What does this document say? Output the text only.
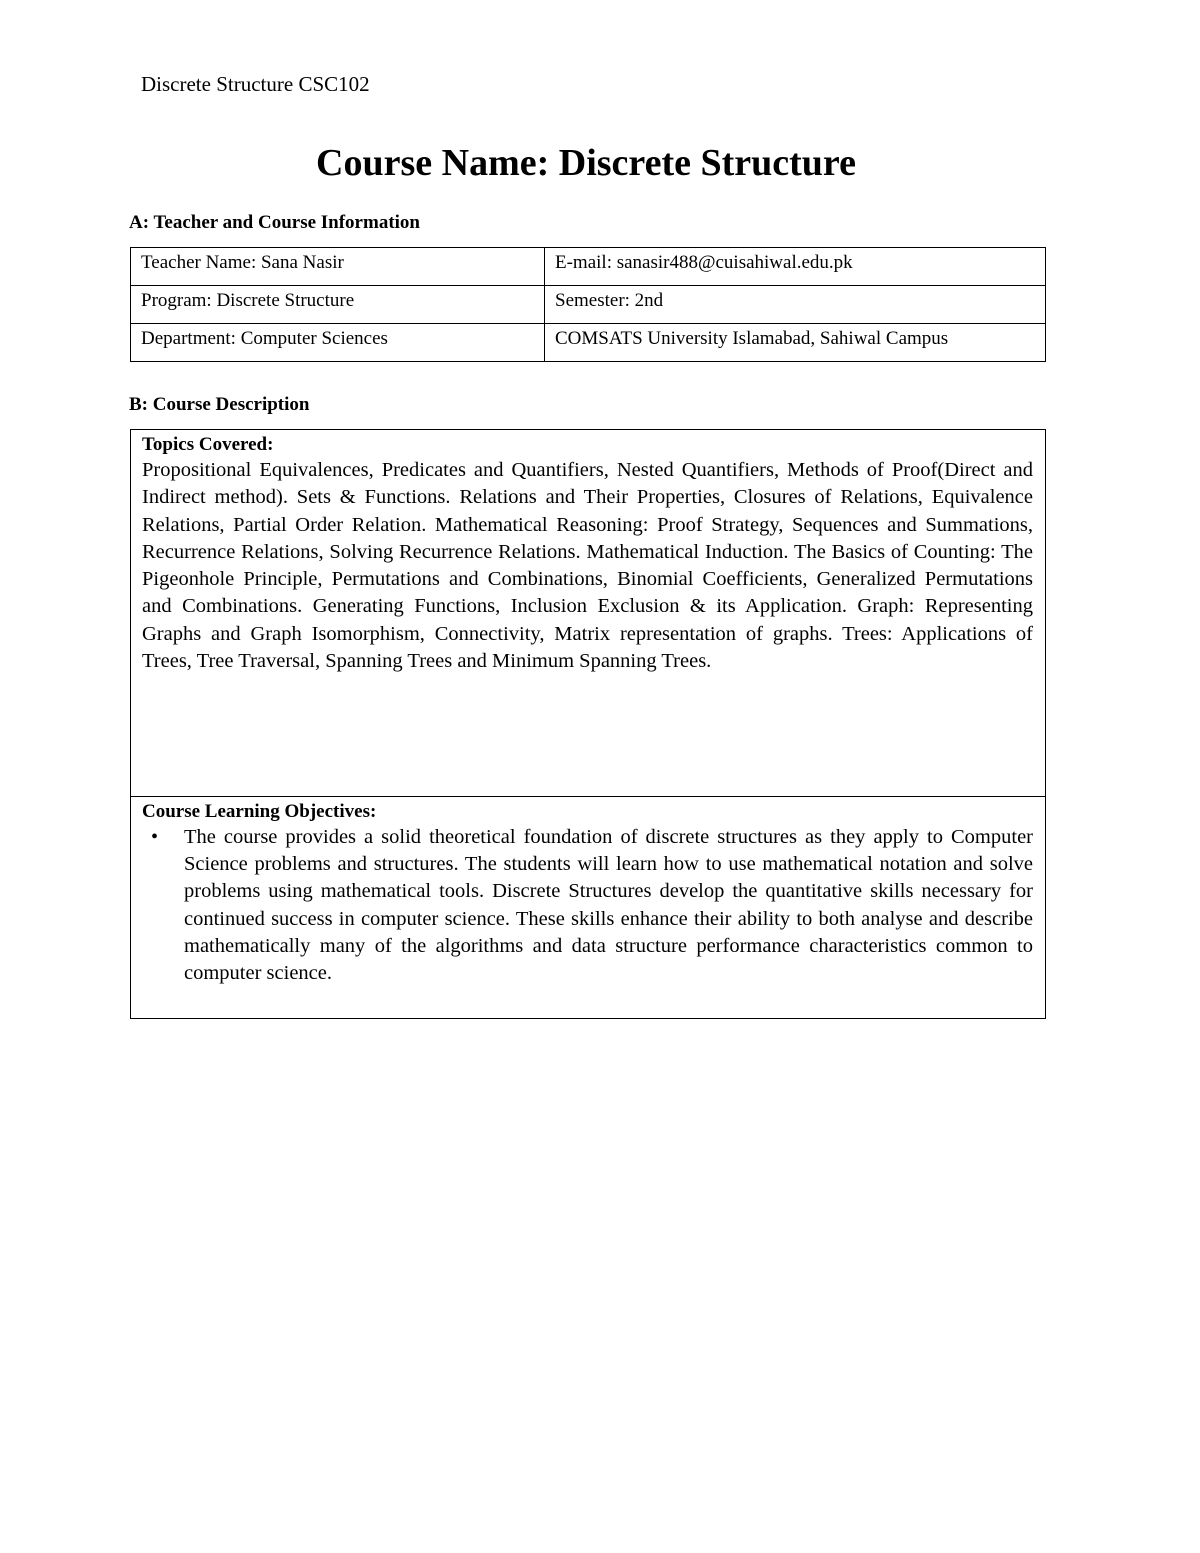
Discrete Structure CSC102
Course Name: Discrete Structure
A: Teacher and Course Information
Teacher Name: Sana Nasir	E-mail: sanasir488@cuisahiwal.edu.pk
Program: Discrete Structure	Semester: 2nd
Department: Computer Sciences	COMSATS University Islamabad, Sahiwal Campus
B: Course Description
Topics Covered:

Propositional Equivalences, Predicates and Quantifiers, Nested Quantifiers, Methods of Proof(Direct and Indirect method). Sets & Functions. Relations and Their Properties, Closures of Relations, Equivalence Relations, Partial Order Relation. Mathematical Reasoning: Proof Strategy, Sequences and Summations, Recurrence Relations, Solving Recurrence Relations. Mathematical Induction. The Basics of Counting: The Pigeonhole Principle, Permutations and Combinations, Binomial Coefficients, Generalized Permutations and Combinations. Generating Functions, Inclusion Exclusion & its Application. Graph: Representing Graphs and Graph Isomorphism, Connectivity, Matrix representation of graphs. Trees: Applications of Trees, Tree Traversal, Spanning Trees and Minimum Spanning Trees.

Course Learning Objectives:
• The course provides a solid theoretical foundation of discrete structures as they apply to Computer Science problems and structures. The students will learn how to use mathematical notation and solve problems using mathematical tools. Discrete Structures develop the quantitative skills necessary for continued success in computer science. These skills enhance their ability to both analyse and describe mathematically many of the algorithms and data structure performance characteristics common to computer science.
